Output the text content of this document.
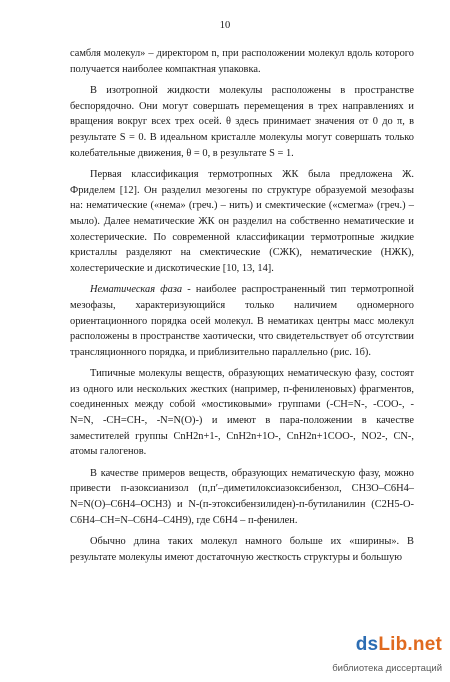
10

самбля молекул» – директором n, при расположении молекул вдоль которого получается наиболее компактная упаковка.

В изотропной жидкости молекулы расположены в пространстве беспорядочно. Они могут совершать перемещения в трех направлениях и вращения вокруг всех трех осей. θ здесь принимает значения от 0 до π, в результате S = 0. В идеальном кристалле молекулы могут совершать только колебательные движения, θ = 0, в результате S = 1.

Первая классификация термотропных ЖК была предложена Ж. Фриделем [12]. Он разделил мезогены по структуре образуемой мезофазы на: нематические («нема» (греч.) – нить) и смектические («смегма» (греч.) – мыло). Далее нематические ЖК он разделил на собственно нематические и холестерические. По современной классификации термотропные жидкие кристаллы разделяют на смектические (СЖК), нематические (НЖК), холестерические и дискотические [10, 13, 14].

Нематическая фаза - наиболее распространенный тип термотропной мезофазы, характеризующийся только наличием одномерного ориентационного порядка осей молекул. В нематиках центры масс молекул расположены в пространстве хаотически, что свидетельствует об отсутствии трансляционного порядка, и приблизительно параллельно (рис. 1б).

Типичные молекулы веществ, образующих нематическую фазу, состоят из одного или нескольких жестких (например, п-фениленовых) фрагментов, соединенных между собой «мостиковыми» группами (-CH=N-, -COO-, -N=N, -CH=CH-, -N=N(O)-) и имеют в пара-положении в качестве заместителей группы CnH2n+1-, CnH2n+1O-, CnH2n+1COO-, NO2-, CN-, атомы галогенов.

В качестве примеров веществ, образующих нематическую фазу, можно привести п-азоксианизол (п,п′–диметилоксиазоксибензол, CH3O–C6H4–N=N(O)–C6H4–OCH3) и N-(п-этоксибензилиден)-п-бутиланилин (C2H5-O-C6H4–CH=N–C6H4–C4H9), где C6H4 – п-фенилен.

Обычно длина таких молекул намного больше их «ширины». В результате молекулы имеют достаточную жесткость структуры и большую

dsLib.net
библиотека диссертаций
